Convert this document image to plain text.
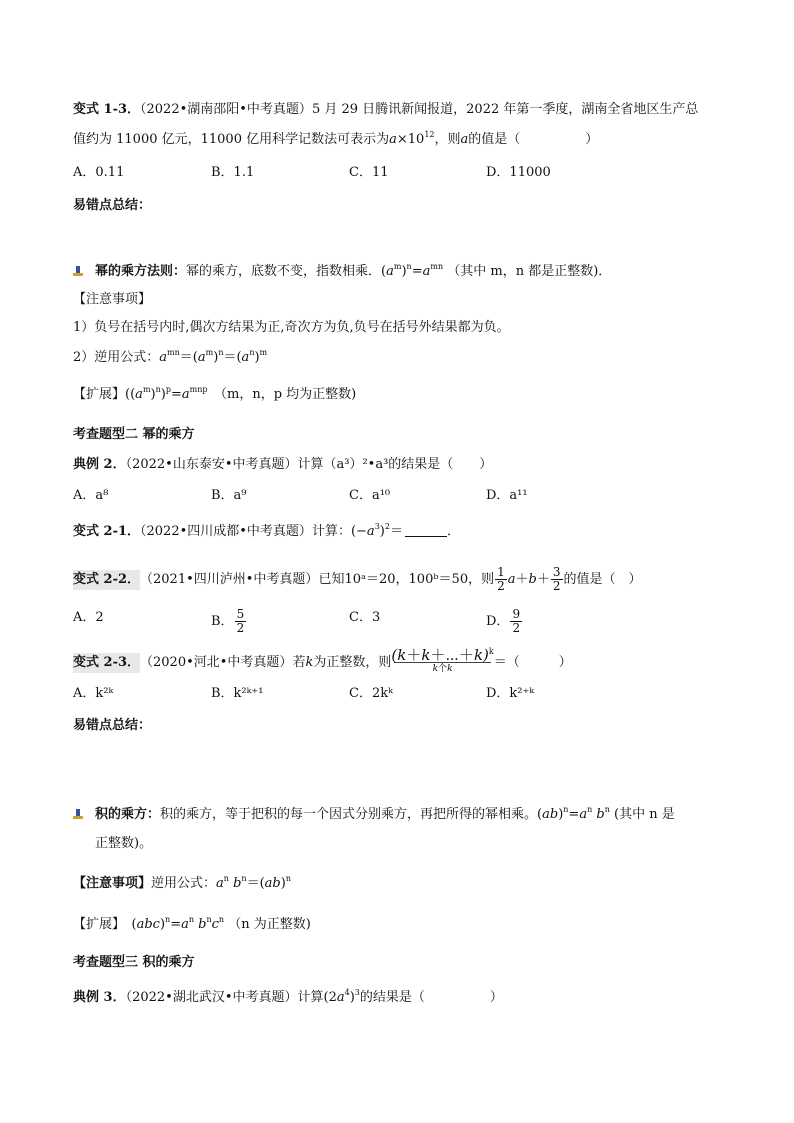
变式 1-3．（2022•湖南邵阳•中考真题）5 月 29 日腾讯新闻报道，2022 年第一季度，湖南全省地区生产总
值约为 11000 亿元，11000 亿用科学记数法可表示为$a\times 10^{12}$，则a的值是（　　　　　）
A．0.11	B．1.1	C．11	D．11000
易错点总结：
幂的乘方法则：幂的乘方，底数不变，指数相乘．$(a^m)^n=a^{mn}$ （其中 m，n 都是正整数)．
【注意事项】
1）负号在括号内时,偶次方结果为正,奇次方为负,负号在括号外结果都为负。
2）逆用公式：$a^{mn}=(a^m)^n=(a^n)^m$
【扩展】$((a^m)^n)^p=a^{mnp}$　 （m，n，p 均为正整数)
考查题型二 幂的乘方
典例 2．（2022•山东泰安•中考真题）计算（a³）²•a³的结果是（　　）
A．a⁸	B．a⁹	C．a¹⁰	D．a¹¹
变式 2-1．（2022•四川成都•中考真题）计算：$(-a^3)^2=$	．
变式 2-2．（2021•四川泸州•中考真题）已知10ᵃ＝20，100ᵇ＝50，则 $\frac{1}{2} a+b+ \frac{3}{2}$ 的值是（　）
A．2	B． $\frac{5}{2}$	C．3	D． $\frac{9}{2}$
变式 2-3．（2020•河北•中考真题）若k为正整数，则 (k＋k＋⋯＋k)$^k$
k个k	＝（　　　）
A．k²ᵏ	B．k²ᵏ⁺¹	C．2kᵏ	D．k²⁺ᵏ
易错点总结：
积的乘方：积的乘方，等于把积的每一个因式分别乘方，再把所得的幂相乘。$(ab)^n=a^n$ $b^n$ (其中 n 是
正整数)。
【注意事项】逆用公式：$a^n$ $b^n=(ab)^n$
【扩展】　$(abc)^n=a^n$ $b^nc^n$ （n 为正整数)
考查题型三 积的乘方
典例 3．（2022•湖北武汉•中考真题）计算$(2a^4)^3$的结果是（　　　　　）
